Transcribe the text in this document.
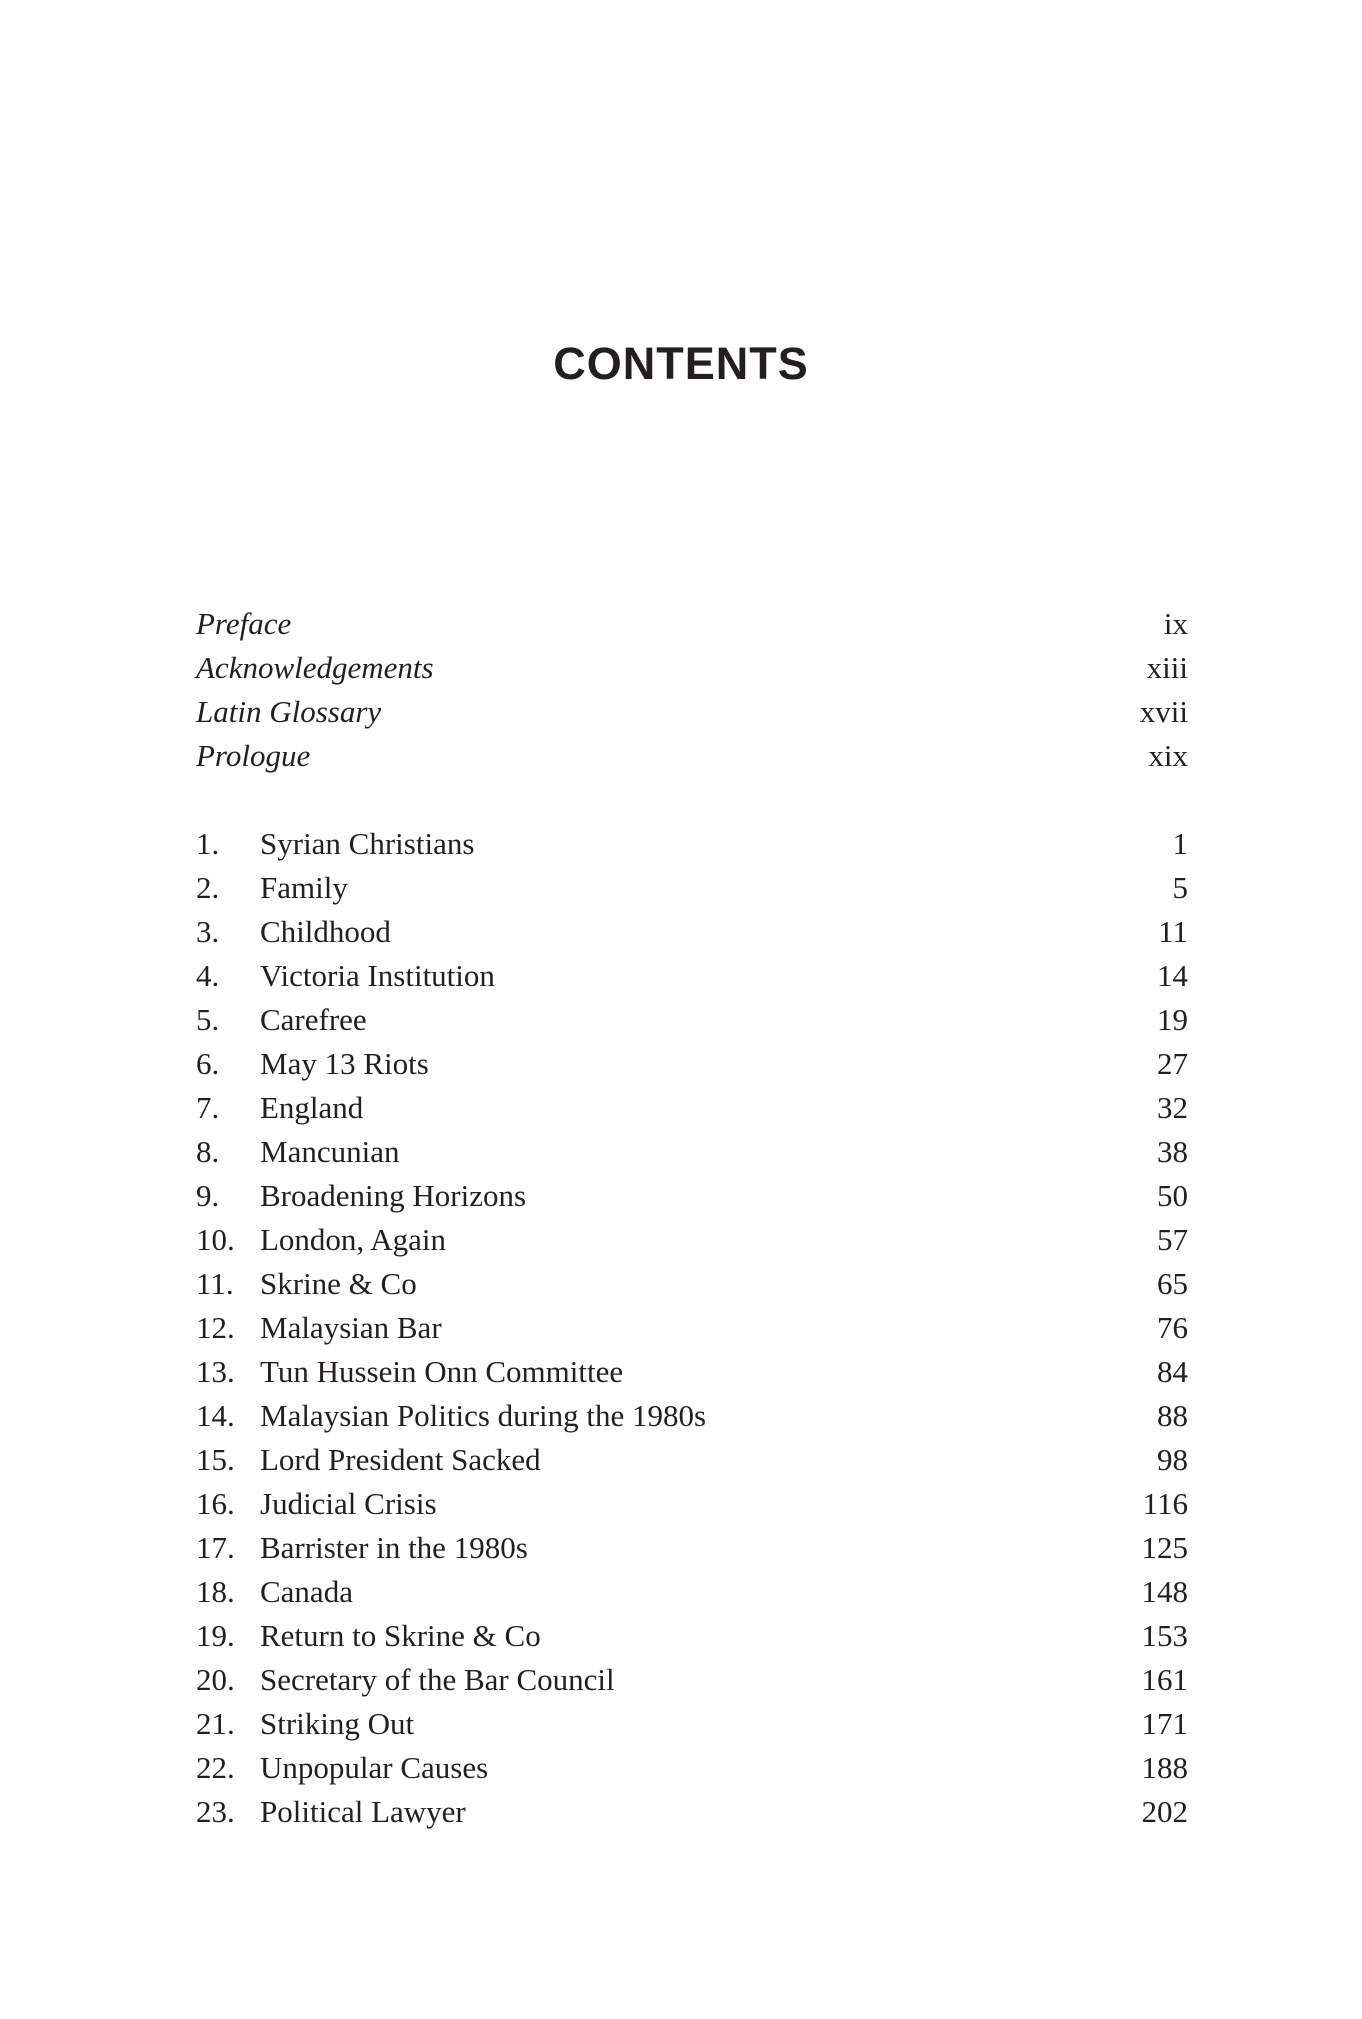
CONTENTS
Preface	ix
Acknowledgements	xiii
Latin Glossary	xvii
Prologue	xix
1.	Syrian Christians	1
2.	Family	5
3.	Childhood	11
4.	Victoria Institution	14
5.	Carefree	19
6.	May 13 Riots	27
7.	England	32
8.	Mancunian	38
9.	Broadening Horizons	50
10. London, Again	57
11. Skrine & Co	65
12. Malaysian Bar	76
13. Tun Hussein Onn Committee	84
14. Malaysian Politics during the 1980s	88
15. Lord President Sacked	98
16. Judicial Crisis	116
17. Barrister in the 1980s	125
18. Canada	148
19. Return to Skrine & Co	153
20. Secretary of the Bar Council	161
21. Striking Out	171
22. Unpopular Causes	188
23. Political Lawyer	202
